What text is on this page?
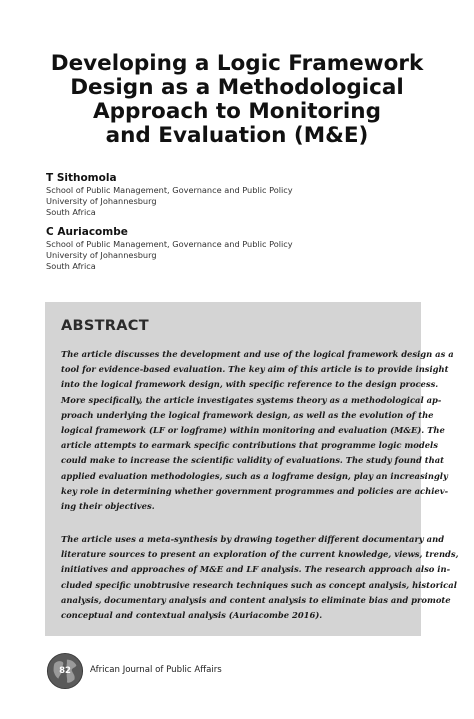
Developing a Logic Framework
Design as a Methodological
Approach to Monitoring
and Evaluation (M&E)
T Sithomola
School of Public Management, Governance and Public Policy
University of Johannesburg
South Africa
C Auriacombe
School of Public Management, Governance and Public Policy
University of Johannesburg
South Africa
ABSTRACT
The article discusses the development and use of the logical framework design as a
tool for evidence-based evaluation. The key aim of this article is to provide insight
into the logical framework design, with specific reference to the design process.
More specifically, the article investigates systems theory as a methodological ap-
proach underlying the logical framework design, as well as the evolution of the
logical framework (LF or logframe) within monitoring and evaluation (M&E). The
article attempts to earmark specific contributions that programme logic models
could make to increase the scientific validity of evaluations. The study found that
applied evaluation methodologies, such as a logframe design, play an increasingly
key role in determining whether government programmes and policies are achiev-
ing their objectives.
The article uses a meta-synthesis by drawing together different documentary and
literature sources to present an exploration of the current knowledge, views, trends,
initiatives and approaches of M&E and LF analysis. The research approach also in-
cluded specific unobtrusive research techniques such as concept analysis, historical
analysis, documentary analysis and content analysis to eliminate bias and promote
conceptual and contextual analysis (Auriacombe 2016).
82	African Journal of Public Affairs
